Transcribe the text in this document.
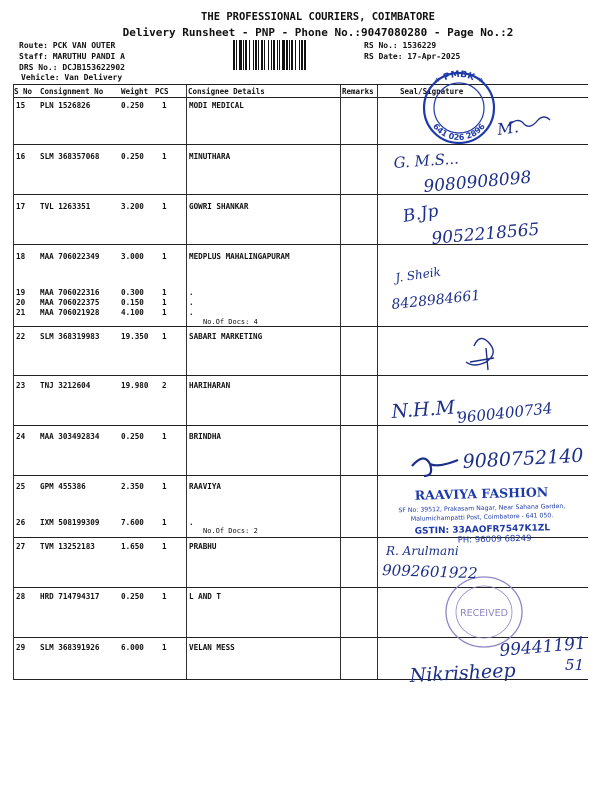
THE PROFESSIONAL COURIERS, COIMBATORE
Delivery Runsheet - PNP - Phone No.:9047080280 - Page No.:2
Route: PCK VAN OUTER
Staff: MARUTHU PANDI A
DRS No.: DCJB153622902
Vehicle: Van Delivery
RS No.: 1536229
RS Date: 17-Apr-2025
S No Consignment No Weight PCS	Consignee Details	Remarks	Seal/Signature
15 PLN 1526826	0.250 1	MODI MEDICAL
16 SLM 368357068	0.250 1	MINUTHARA
17 TVL 1263351	3.200 1	GOWRI SHANKAR
18 MAA 706022349	3.000 1	MEDPLUS MAHALINGAPURAM
19 MAA 706022316	0.300 1	.
20 MAA 706022375	0.150 1	.
21 MAA 706021928	4.100 1	.
22 SLM 368319983	19.350 1	SABARI MARKETING
23 TNJ 3212604	19.980 2	HARIHARAN
24 MAA 303492834	0.250 1	BRINDHA
25 GPM 455386	2.350 1	RAAVIYA
26 IXM 508199309	7.600 1	.
27 TVM 13252183	1.650 1	PRABHU
28 HRD 714794317	0.250 1	L AND T
29 SLM 368391926	6.000 1	VELAN MESS
No.Of Docs: 4
No.Of Docs: 2
* PMBK *
641 026 2896
RAAVIYA FASHION
SF No: 39512, Prakasam Nagar, Near Sahana Garden,
Malumichampatti Post, Coimbatore - 641 050.
GSTIN: 33AAOFR7547K1ZL
PH: 96009 68249
RECEIVED
M.
G. M.S...
9080908098
B.Jp
9052218565
J. Sheik
8428984661
N.H.M.
9600400734
9080752140
R. Arulmani
9092601922
99441191
Nikrisheep	51
